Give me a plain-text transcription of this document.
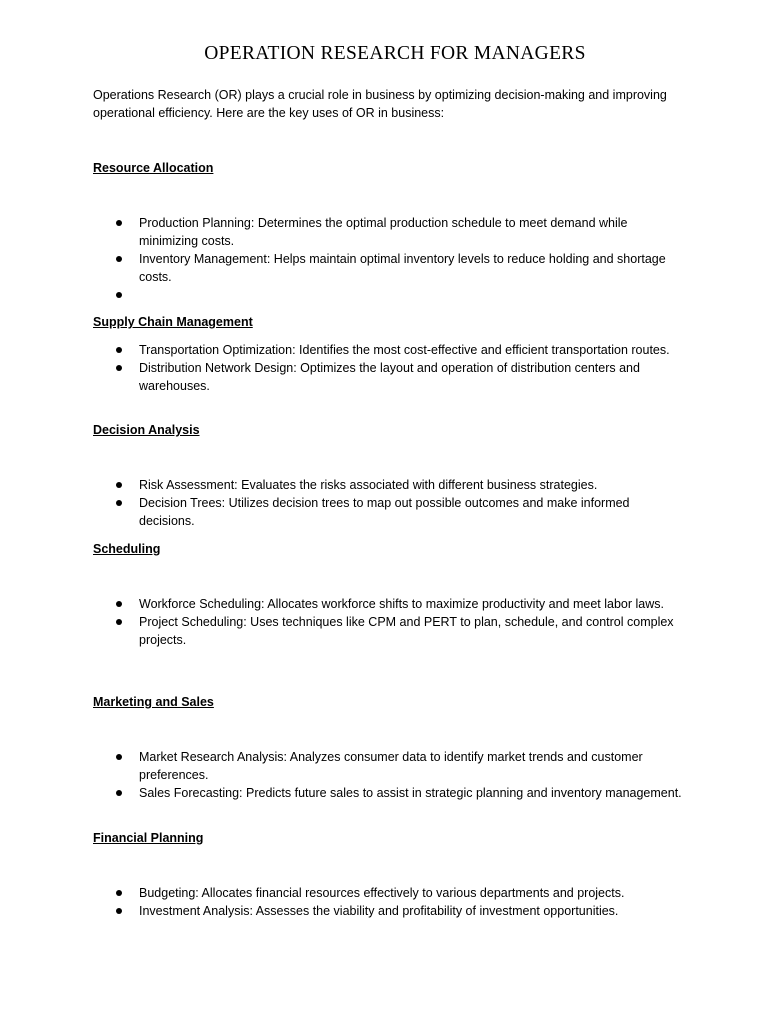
OPERATION RESEARCH FOR MANAGERS

Operations Research (OR) plays a crucial role in business by optimizing decision-making and improving operational efficiency. Here are the key uses of OR in business:

Resource Allocation
Production Planning: Determines the optimal production schedule to meet demand while minimizing costs.
Inventory Management: Helps maintain optimal inventory levels to reduce holding and shortage costs.
Supply Chain Management
Transportation Optimization: Identifies the most cost-effective and efficient transportation routes.
Distribution Network Design: Optimizes the layout and operation of distribution centers and warehouses.
Decision Analysis
Risk Assessment: Evaluates the risks associated with different business strategies.
Decision Trees: Utilizes decision trees to map out possible outcomes and make informed decisions.
Scheduling
Workforce Scheduling: Allocates workforce shifts to maximize productivity and meet labor laws.
Project Scheduling: Uses techniques like CPM and PERT to plan, schedule, and control complex projects.
Marketing and Sales
Market Research Analysis: Analyzes consumer data to identify market trends and customer preferences.
Sales Forecasting: Predicts future sales to assist in strategic planning and inventory management.
Financial Planning
Budgeting: Allocates financial resources effectively to various departments and projects.
Investment Analysis: Assesses the viability and profitability of investment opportunities.
